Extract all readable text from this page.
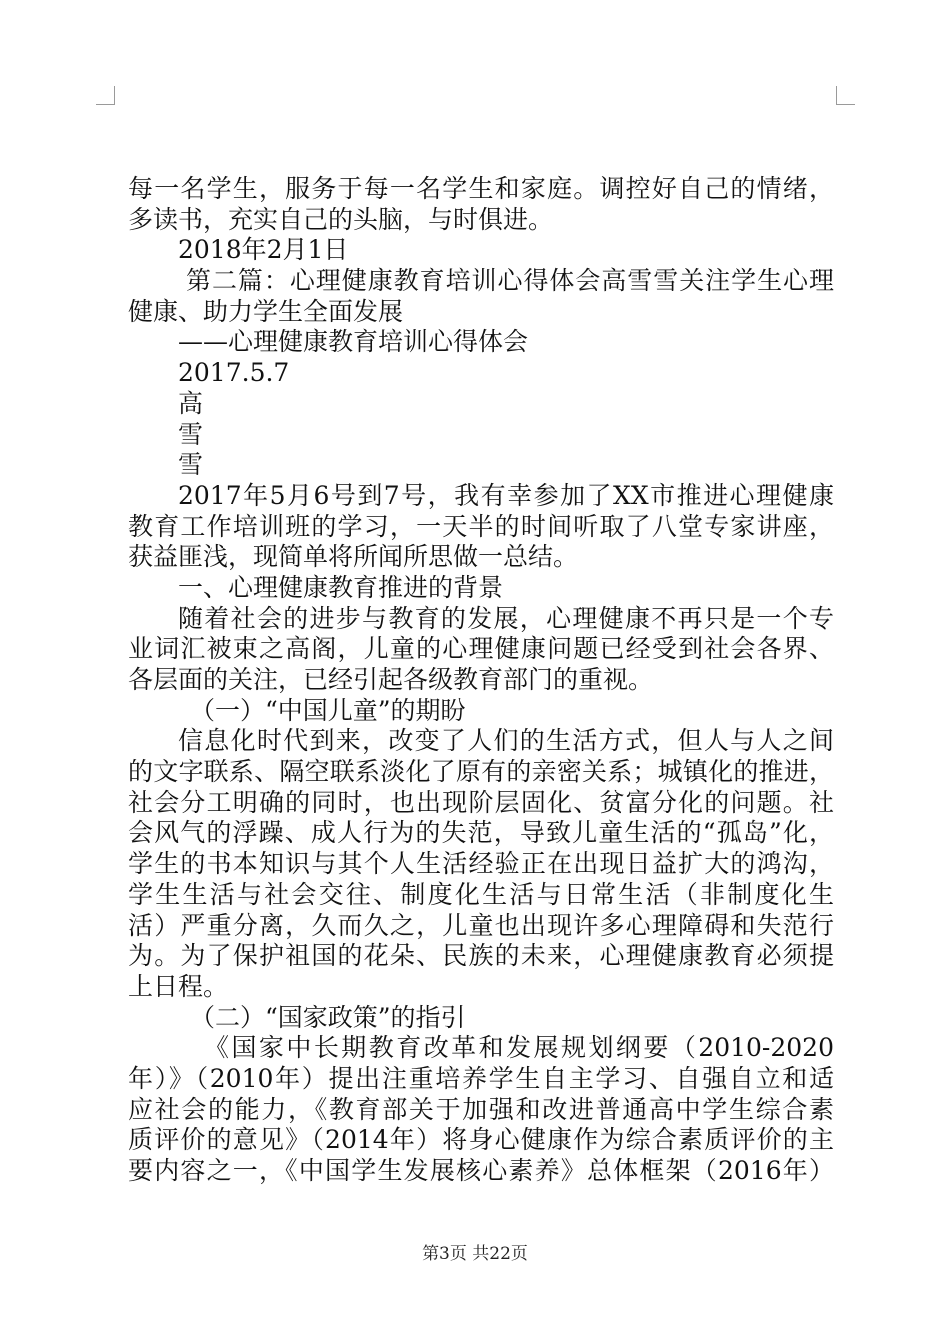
每一名学生，服务于每一名学生和家庭。调控好自己的情绪，
多读书，充实自己的头脑，与时俱进。
2018年2月1日
第二篇：心理健康教育培训心得体会高雪雪关注学生心理
健康、助力学生全面发展
——心理健康教育培训心得体会
2017.5.7
高
雪
雪
2017年5月6号到7号，我有幸参加了XX市推进心理健康
教育工作培训班的学习，一天半的时间听取了八堂专家讲座，
获益匪浅，现简单将所闻所思做一总结。
一、心理健康教育推进的背景
随着社会的进步与教育的发展，心理健康不再只是一个专
业词汇被束之高阁，儿童的心理健康问题已经受到社会各界、
各层面的关注，已经引起各级教育部门的重视。
（一）“中国儿童”的期盼
信息化时代到来，改变了人们的生活方式，但人与人之间
的文字联系、隔空联系淡化了原有的亲密关系；城镇化的推进，
社会分工明确的同时，也出现阶层固化、贫富分化的问题。社
会风气的浮躁、成人行为的失范，导致儿童生活的“孤岛”化，
学生的书本知识与其个人生活经验正在出现日益扩大的鸿沟，
学生生活与社会交往、制度化生活与日常生活（非制度化生
活）严重分离，久而久之，儿童也出现许多心理障碍和失范行
为。为了保护祖国的花朵、民族的未来，心理健康教育必须提
上日程。
（二）“国家政策”的指引
《国家中长期教育改革和发展规划纲要（2010-2020
年）》（2010年）提出注重培养学生自主学习、自强自立和适
应社会的能力，《教育部关于加强和改进普通高中学生综合素
质评价的意见》（2014年）将身心健康作为综合素质评价的主
要内容之一，《中国学生发展核心素养》总体框架（2016年）
第3页 共22页
